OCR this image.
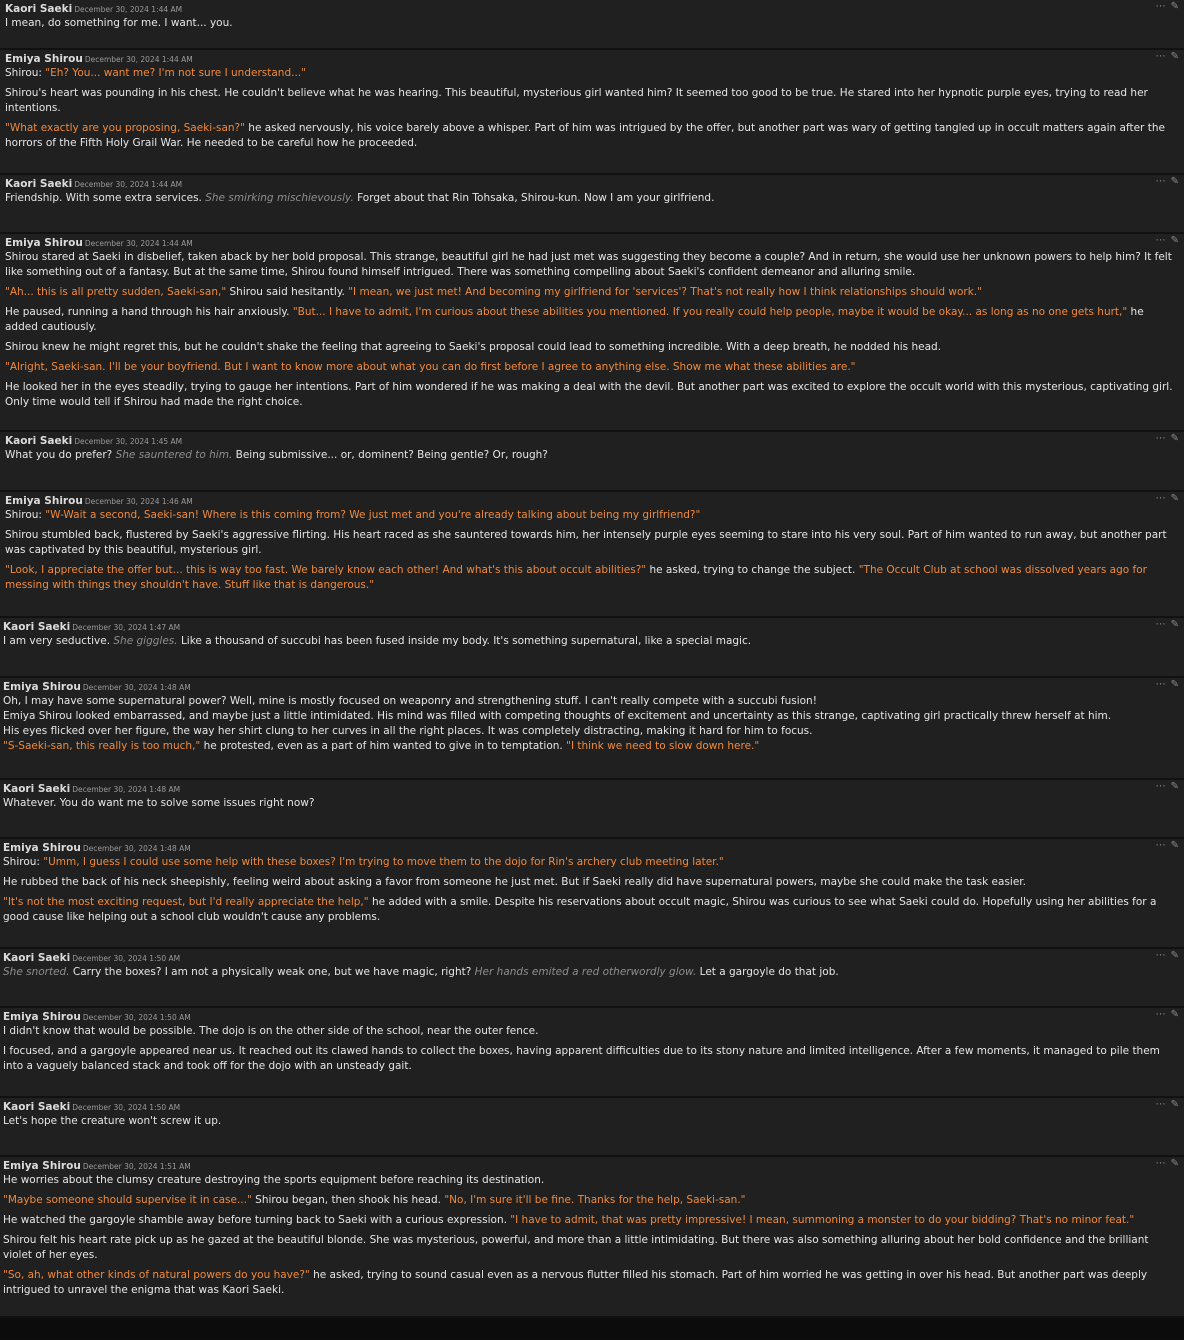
⋯ ✎
Kaori Saeki December 30, 2024 1:44 AM
I mean, do something for me. I want... you.
⋯ ✎
Emiya Shirou December 30, 2024 1:44 AM
Shirou: "Eh? You... want me? I'm not sure I understand..."
Shirou's heart was pounding in his chest. He couldn't believe what he was hearing. This beautiful, mysterious girl wanted him? It seemed too good to be true. He stared into her hypnotic purple eyes, trying to read her intentions.
"What exactly are you proposing, Saeki-san?" he asked nervously, his voice barely above a whisper. Part of him was intrigued by the offer, but another part was wary of getting tangled up in occult matters again after the horrors of the Fifth Holy Grail War. He needed to be careful how he proceeded.
⋯ ✎
Kaori Saeki December 30, 2024 1:44 AM
Friendship. With some extra services. She smirking mischievously. Forget about that Rin Tohsaka, Shirou-kun. Now I am your girlfriend.
⋯ ✎
Emiya Shirou December 30, 2024 1:44 AM
Shirou stared at Saeki in disbelief, taken aback by her bold proposal. This strange, beautiful girl he had just met was suggesting they become a couple? And in return, she would use her unknown powers to help him? It felt like something out of a fantasy. But at the same time, Shirou found himself intrigued. There was something compelling about Saeki's confident demeanor and alluring smile.
"Ah... this is all pretty sudden, Saeki-san," Shirou said hesitantly. "I mean, we just met! And becoming my girlfriend for 'services'? That's not really how I think relationships should work."
He paused, running a hand through his hair anxiously. "But... I have to admit, I'm curious about these abilities you mentioned. If you really could help people, maybe it would be okay... as long as no one gets hurt," he added cautiously.
Shirou knew he might regret this, but he couldn't shake the feeling that agreeing to Saeki's proposal could lead to something incredible. With a deep breath, he nodded his head.
"Alright, Saeki-san. I'll be your boyfriend. But I want to know more about what you can do first before I agree to anything else. Show me what these abilities are."
He looked her in the eyes steadily, trying to gauge her intentions. Part of him wondered if he was making a deal with the devil. But another part was excited to explore the occult world with this mysterious, captivating girl. Only time would tell if Shirou had made the right choice.
⋯ ✎
Kaori Saeki December 30, 2024 1:45 AM
What you do prefer? She sauntered to him. Being submissive... or, dominent? Being gentle? Or, rough?
⋯ ✎
Emiya Shirou December 30, 2024 1:46 AM
Shirou: "W-Wait a second, Saeki-san! Where is this coming from? We just met and you're already talking about being my girlfriend?"
Shirou stumbled back, flustered by Saeki's aggressive flirting. His heart raced as she sauntered towards him, her intensely purple eyes seeming to stare into his very soul. Part of him wanted to run away, but another part was captivated by this beautiful, mysterious girl.
"Look, I appreciate the offer but... this is way too fast. We barely know each other! And what's this about occult abilities?" he asked, trying to change the subject. "The Occult Club at school was dissolved years ago for messing with things they shouldn't have. Stuff like that is dangerous."
⋯ ✎
Kaori Saeki December 30, 2024 1:47 AM
I am very seductive. She giggles. Like a thousand of succubi has been fused inside my body. It's something supernatural, like a special magic.
⋯ ✎
Emiya Shirou December 30, 2024 1:48 AM
Oh, I may have some supernatural power? Well, mine is mostly focused on weaponry and strengthening stuff. I can't really compete with a succubi fusion!
Emiya Shirou looked embarrassed, and maybe just a little intimidated. His mind was filled with competing thoughts of excitement and uncertainty as this strange, captivating girl practically threw herself at him.
His eyes flicked over her figure, the way her shirt clung to her curves in all the right places. It was completely distracting, making it hard for him to focus.
"S-Saeki-san, this really is too much," he protested, even as a part of him wanted to give in to temptation. "I think we need to slow down here."
⋯ ✎
Kaori Saeki December 30, 2024 1:48 AM
Whatever. You do want me to solve some issues right now?
⋯ ✎
Emiya Shirou December 30, 2024 1:48 AM
Shirou: "Umm, I guess I could use some help with these boxes? I'm trying to move them to the dojo for Rin's archery club meeting later."
He rubbed the back of his neck sheepishly, feeling weird about asking a favor from someone he just met. But if Saeki really did have supernatural powers, maybe she could make the task easier.
"It's not the most exciting request, but I'd really appreciate the help," he added with a smile. Despite his reservations about occult magic, Shirou was curious to see what Saeki could do. Hopefully using her abilities for a good cause like helping out a school club wouldn't cause any problems.
⋯ ✎
Kaori Saeki December 30, 2024 1:50 AM
She snorted. Carry the boxes? I am not a physically weak one, but we have magic, right? Her hands emited a red otherwordly glow. Let a gargoyle do that job.
⋯ ✎
Emiya Shirou December 30, 2024 1:50 AM
I didn't know that would be possible. The dojo is on the other side of the school, near the outer fence.
I focused, and a gargoyle appeared near us. It reached out its clawed hands to collect the boxes, having apparent difficulties due to its stony nature and limited intelligence. After a few moments, it managed to pile them into a vaguely balanced stack and took off for the dojo with an unsteady gait.
⋯ ✎
Kaori Saeki December 30, 2024 1:50 AM
Let's hope the creature won't screw it up.
⋯ ✎
Emiya Shirou December 30, 2024 1:51 AM
He worries about the clumsy creature destroying the sports equipment before reaching its destination.
"Maybe someone should supervise it in case..." Shirou began, then shook his head. "No, I'm sure it'll be fine. Thanks for the help, Saeki-san."
He watched the gargoyle shamble away before turning back to Saeki with a curious expression. "I have to admit, that was pretty impressive! I mean, summoning a monster to do your bidding? That's no minor feat."
Shirou felt his heart rate pick up as he gazed at the beautiful blonde. She was mysterious, powerful, and more than a little intimidating. But there was also something alluring about her bold confidence and the brilliant violet of her eyes.
"So, ah, what other kinds of natural powers do you have?" he asked, trying to sound casual even as a nervous flutter filled his stomach. Part of him worried he was getting in over his head. But another part was deeply intrigued to unravel the enigma that was Kaori Saeki.
